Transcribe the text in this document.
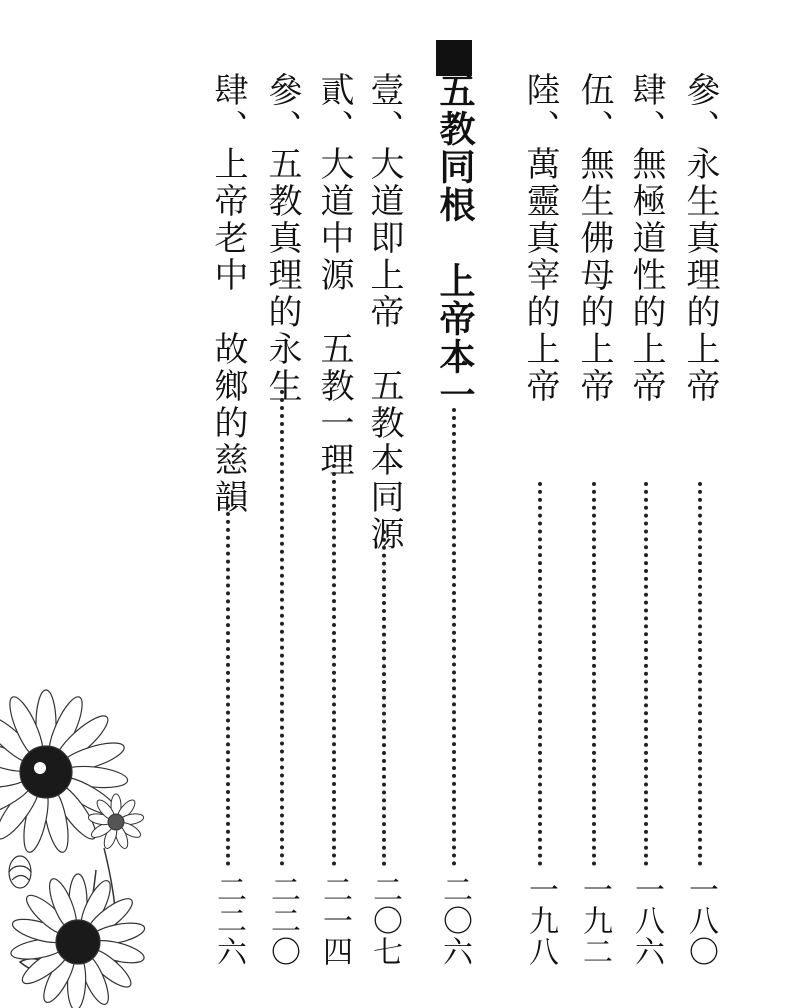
參、永生真理的上帝
一八〇
肆、無極道性的上帝
一八六
伍、無生佛母的上帝
一九二
陸、萬靈真宰的上帝
一九八
五教同根　上帝本一
二〇六
壹、大道即上帝　五教本同源
二〇七
貳、大道中源　五教一理
二一四
參、五教真理的永生
二二〇
肆、上帝老中　故鄉的慈韻
二二六
